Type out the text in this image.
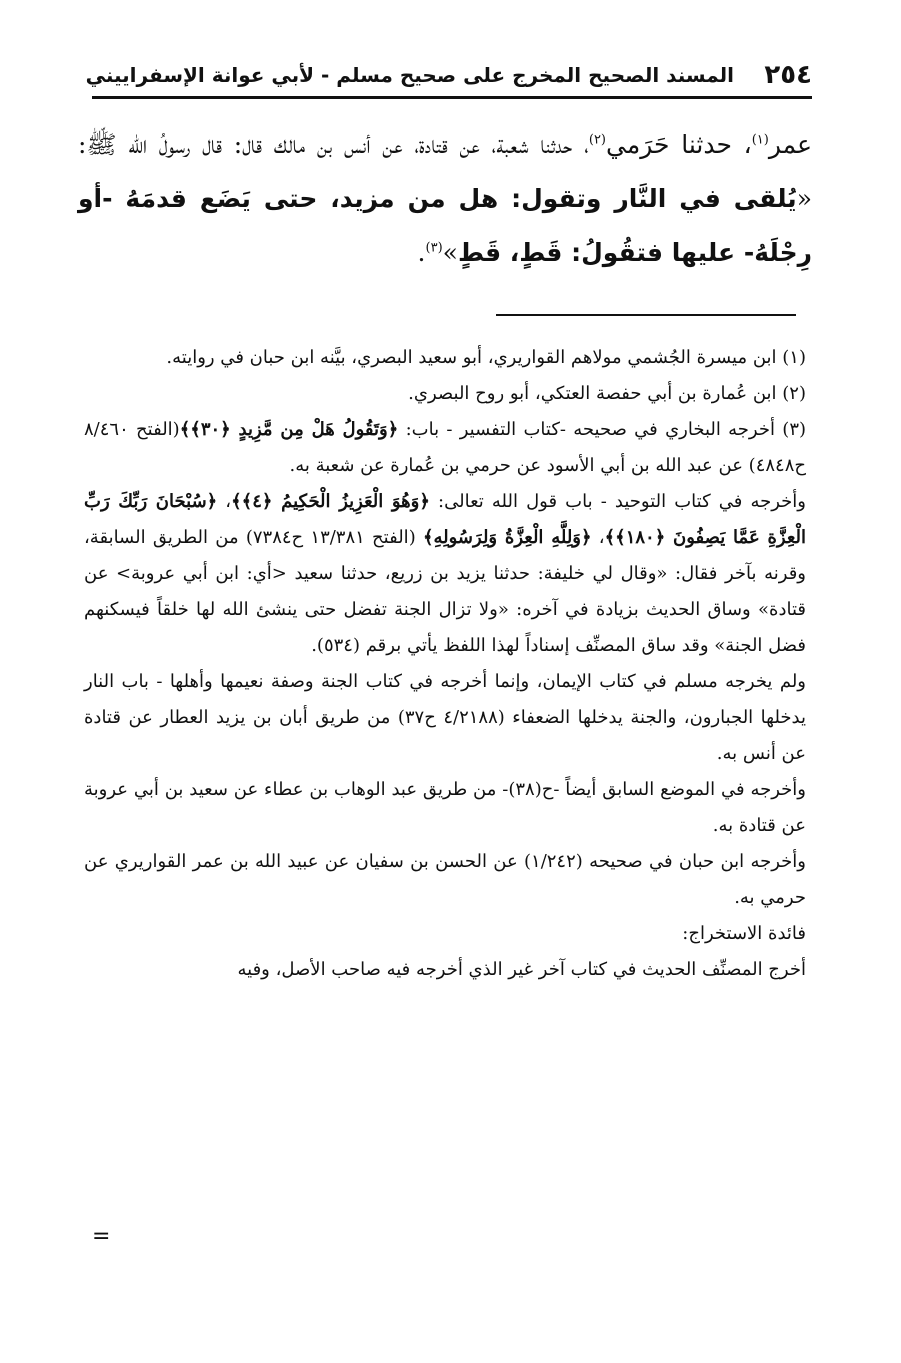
٢٥٤
المسند الصحيح المخرج على صحيح مسلم - لأبي عوانة الإسفراييني
عمر$^{(١)}$، حدثنا حَرَمي$^{(٢)}$، حدثنا شعبة، عن قتادة، عن أنس بن مالك قال: قال رسولُ الله ﷺ: «يُلقى في النَّار وتقول: هل من مزيد، حتى يَضَع قدمَهُ -أو رِجْلَهُ- عليها فتقُولُ: قَطٍ، قَطٍ»$^{(٣)}$.

(١) ابن ميسرة الجُشمي مولاهم القواريري، أبو سعيد البصري، بيَّنه ابن حبان في روايته.

(٢) ابن عُمارة بن أبي حفصة العتكي، أبو روح البصري.

(٣) أخرجه البخاري في صحيحه -كتاب التفسير - باب: ﴿وَتَقُولُ هَلْ مِن مَّزِيدٍ ﴿٣٠﴾﴾(الفتح ٨/٤٦٠ ح٤٨٤٨) عن عبد الله بن أبي الأسود عن حرمي بن عُمارة عن شعبة به.

وأخرجه في كتاب التوحيد - باب قول الله تعالى: ﴿وَهُوَ الْعَزِيزُ الْحَكِيمُ ﴿٤﴾﴾، ﴿سُبْحَانَ رَبِّكَ رَبِّ الْعِزَّةِ عَمَّا يَصِفُونَ ﴿١٨٠﴾﴾، ﴿وَلِلَّهِ الْعِزَّةُ وَلِرَسُولِهِ﴾ (الفتح ١٣/٣٨١ ح٧٣٨٤) من الطريق السابقة، وقرنه بآخر فقال: «وقال لي خليفة: حدثنا يزيد بن زريع، حدثنا سعيد <أي: ابن أبي عروبة> عن قتادة» وساق الحديث بزيادة في آخره: «ولا تزال الجنة تفضل حتى ينشئ الله لها خلقاً فيسكنهم فضل الجنة» وقد ساق المصنِّف إسناداً لهذا اللفظ يأتي برقم (٥٣٤).

ولم يخرجه مسلم في كتاب الإيمان، وإنما أخرجه في كتاب الجنة وصفة نعيمها وأهلها - باب النار يدخلها الجبارون، والجنة يدخلها الضعفاء (٤/٢١٨٨ ح٣٧) من طريق أبان بن يزيد العطار عن قتادة عن أنس به.

وأخرجه في الموضع السابق أيضاً -ح(٣٨)- من طريق عبد الوهاب بن عطاء عن سعيد بن أبي عروبة عن قتادة به.

وأخرجه ابن حبان في صحيحه (١/٢٤٢) عن الحسن بن سفيان عن عبيد الله بن عمر القواريري عن حرمي به.

فائدة الاستخراج:

أخرج المصنِّف الحديث في كتاب آخر غير الذي أخرجه فيه صاحب الأصل، وفيه

=
